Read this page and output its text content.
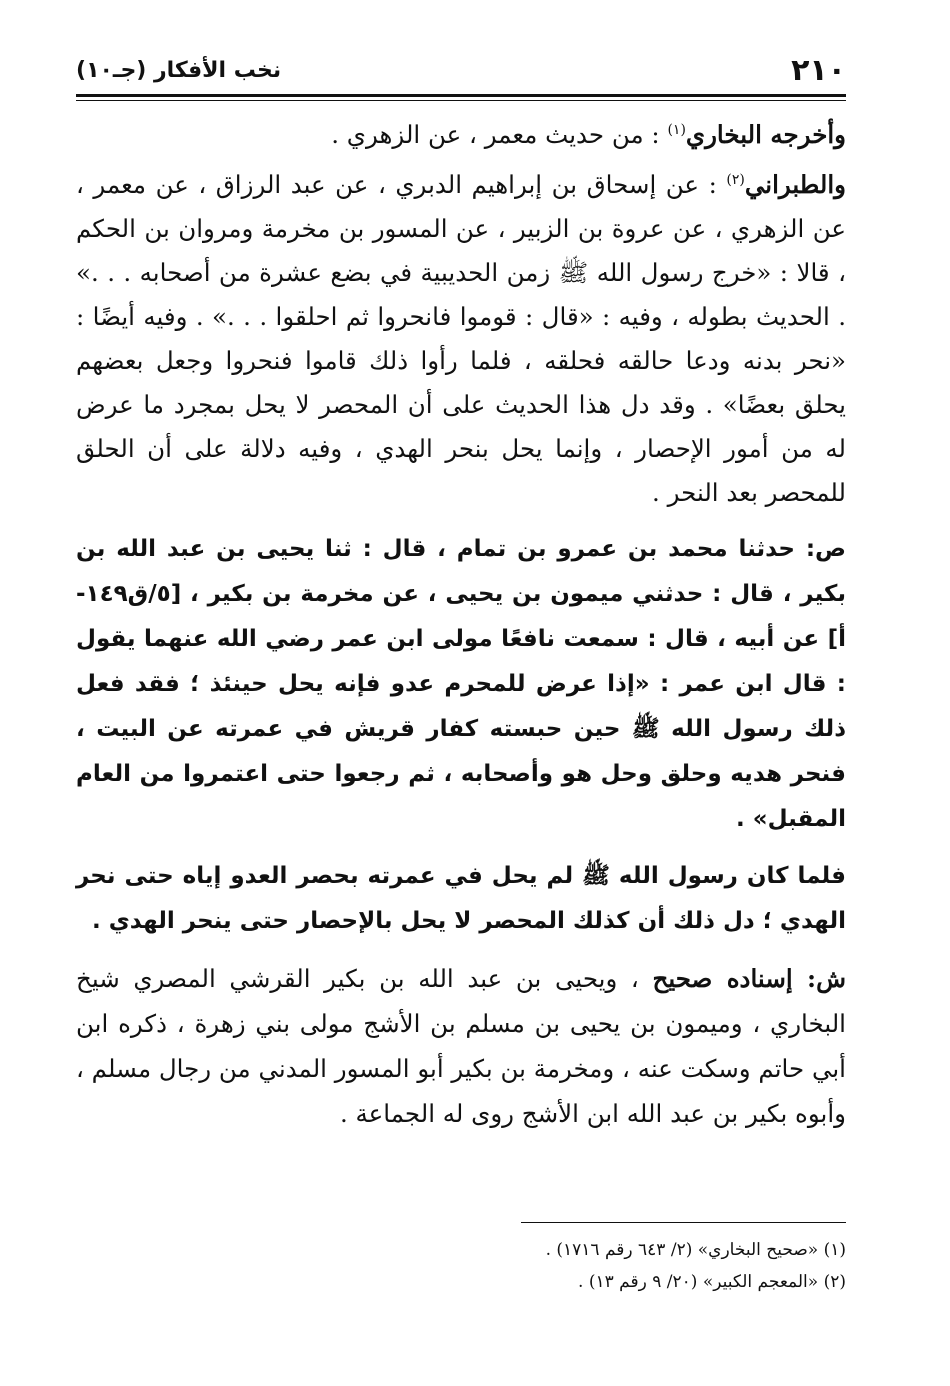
٢١٠
نخب الأفكار (جـ١٠)

وأخرجه البخاري$^{(١)}$ : من حديث معمر ، عن الزهري .

والطبراني$^{(٢)}$ : عن إسحاق بن إبراهيم الدبري ، عن عبد الرزاق ، عن معمر ، عن الزهري ، عن عروة بن الزبير ، عن المسور بن مخرمة ومروان بن الحكم ، قالا : «خرج رسول الله ﷺ زمن الحديبية في بضع عشرة من أصحابه . . .» . الحديث بطوله ، وفيه : «قال : قوموا فانحروا ثم احلقوا . . .» . وفيه أيضًا : «نحر بدنه ودعا حالقه فحلقه ، فلما رأوا ذلك قاموا فنحروا وجعل بعضهم يحلق بعضًا» . وقد دل هذا الحديث على أن المحصر لا يحل بمجرد ما عرض له من أمور الإحصار ، وإنما يحل بنحر الهدي ، وفيه دلالة على أن الحلق للمحصر بعد النحر .

ص: حدثنا محمد بن عمرو بن تمام ، قال : ثنا يحيى بن عبد الله بن بكير ، قال : حدثني ميمون بن يحيى ، عن مخرمة بن بكير ، [٥/ق١٤٩-أ] عن أبيه ، قال : سمعت نافعًا مولى ابن عمر رضي الله عنهما يقول : قال ابن عمر : «إذا عرض للمحرم عدو فإنه يحل حينئذ ؛ فقد فعل ذلك رسول الله ﷺ حين حبسته كفار قريش في عمرته عن البيت ، فنحر هديه وحلق وحل هو وأصحابه ، ثم رجعوا حتى اعتمروا من العام المقبل» .

فلما كان رسول الله ﷺ لم يحل في عمرته بحصر العدو إياه حتى نحر الهدي ؛ دل ذلك أن كذلك المحصر لا يحل بالإحصار حتى ينحر الهدي .

ش: إسناده صحيح ، ويحيى بن عبد الله بن بكير القرشي المصري شيخ البخاري ، وميمون بن يحيى بن مسلم بن الأشج مولى بني زهرة ، ذكره ابن أبي حاتم وسكت عنه ، ومخرمة بن بكير أبو المسور المدني من رجال مسلم ، وأبوه بكير بن عبد الله ابن الأشج روى له الجماعة .

(١) «صحيح البخاري» (٢/ ٦٤٣ رقم ١٧١٦) .

(٢) «المعجم الكبير» (٢٠/ ٩ رقم ١٣) .
